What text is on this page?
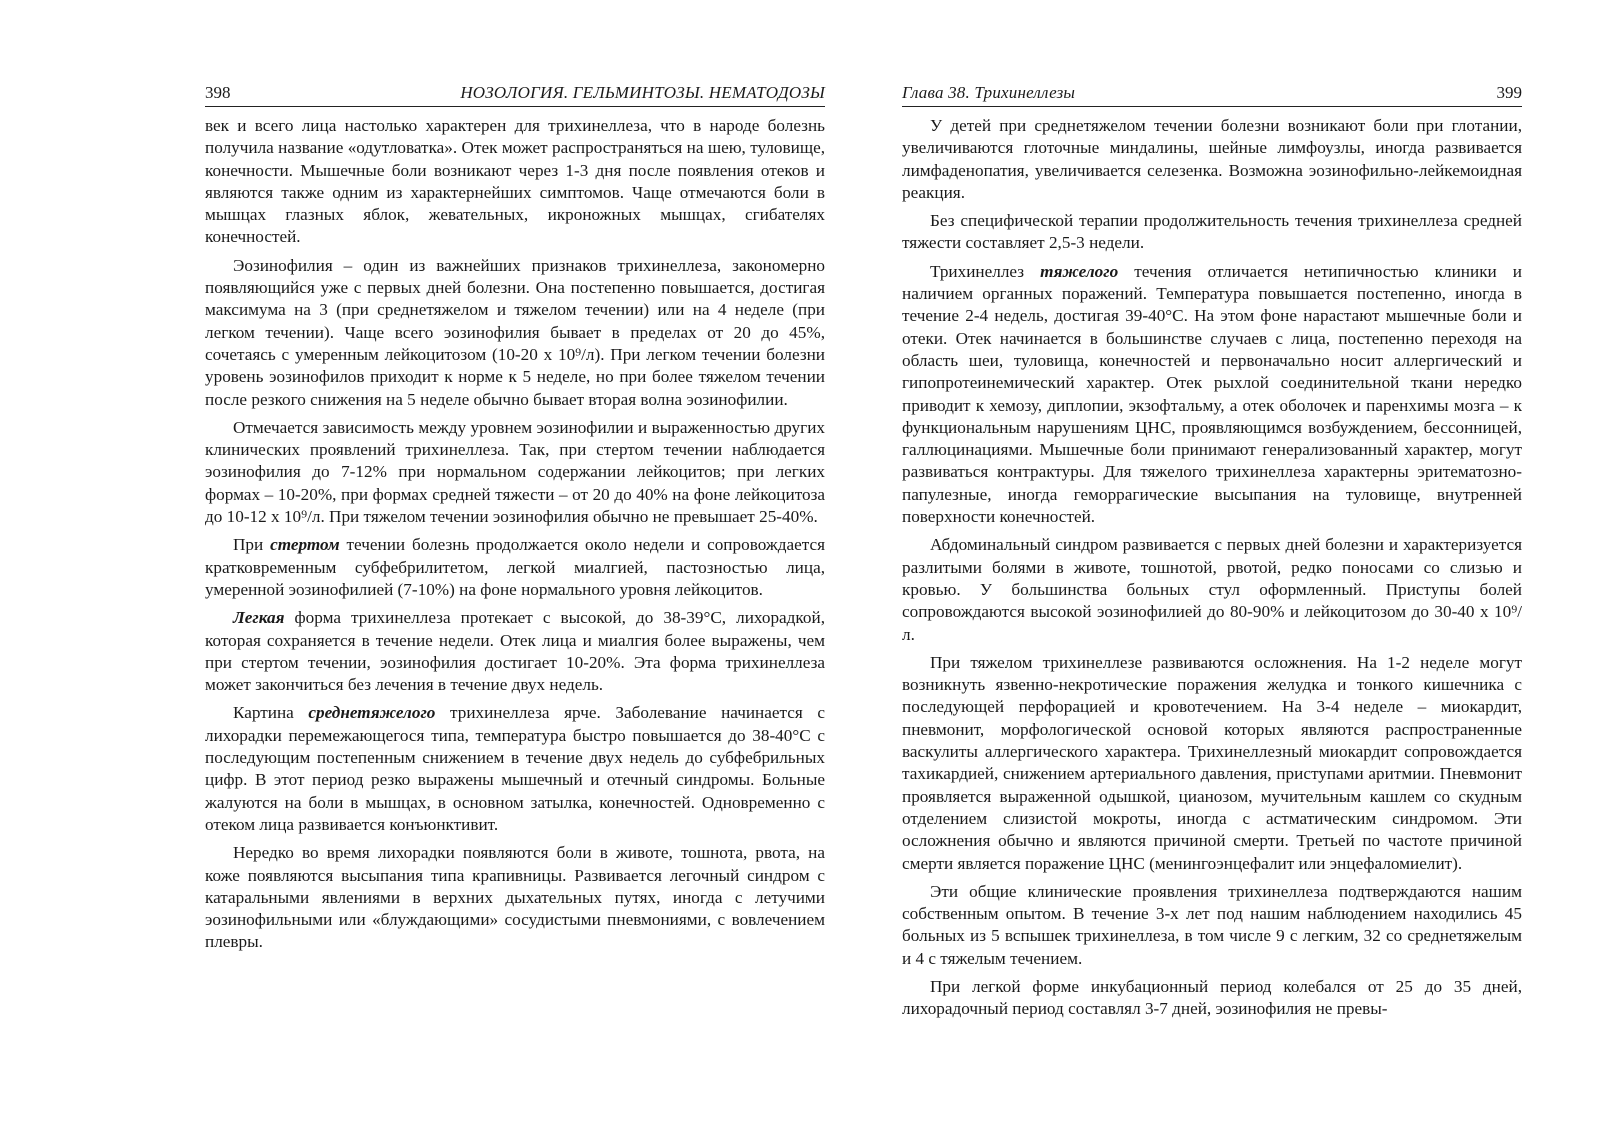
398	НОЗОЛОГИЯ. ГЕЛЬМИНТОЗЫ. НЕМАТОДОЗЫ

век и всего лица настолько характерен для трихинеллеза, что в народе болезнь получила название «одутловатка». Отек может распространяться на шею, туловище, конечности. Мышечные боли возникают через 1-3 дня после появления отеков и являются также одним из характернейших симптомов. Чаще отмечаются боли в мышцах глазных яблок, жевательных, икроножных мышцах, сгибателях конечностей.

Эозинофилия – один из важнейших признаков трихинеллеза, закономерно появляющийся уже с первых дней болезни. Она постепенно повышается, достигая максимума на 3 (при среднетяжелом и тяжелом течении) или на 4 неделе (при легком течении). Чаще всего эозинофилия бывает в пределах от 20 до 45%, сочетаясь с умеренным лейкоцитозом (10-20 х 10⁹/л). При легком течении болезни уровень эозинофилов приходит к норме к 5 неделе, но при более тяжелом течении после резкого снижения на 5 неделе обычно бывает вторая волна эозинофилии.

Отмечается зависимость между уровнем эозинофилии и выраженностью других клинических проявлений трихинеллеза. Так, при стертом течении наблюдается эозинофилия до 7-12% при нормальном содержании лейкоцитов; при легких формах – 10-20%, при формах средней тяжести – от 20 до 40% на фоне лейкоцитоза до 10-12 х 10⁹/л. При тяжелом течении эозинофилия обычно не превышает 25-40%.

При стертом течении болезнь продолжается около недели и сопровождается кратковременным субфебрилитетом, легкой миалгией, пастозностью лица, умеренной эозинофилией (7-10%) на фоне нормального уровня лейкоцитов.

Легкая форма трихинеллеза протекает с высокой, до 38-39°С, лихорадкой, которая сохраняется в течение недели. Отек лица и миалгия более выражены, чем при стертом течении, эозинофилия достигает 10-20%. Эта форма трихинеллеза может закончиться без лечения в течение двух недель.

Картина среднетяжелого трихинеллеза ярче. Заболевание начинается с лихорадки перемежающегося типа, температура быстро повышается до 38-40°С с последующим постепенным снижением в течение двух недель до субфебрильных цифр. В этот период резко выражены мышечный и отечный синдромы. Больные жалуются на боли в мышцах, в основном затылка, конечностей. Одновременно с отеком лица развивается конъюнктивит.

Нередко во время лихорадки появляются боли в животе, тошнота, рвота, на коже появляются высыпания типа крапивницы. Развивается легочный синдром с катаральными явлениями в верхних дыхательных путях, иногда с летучими эозинофильными или «блуждающими» сосудистыми пневмониями, с вовлечением плевры.

Глава 38. Трихинеллезы	399

У детей при среднетяжелом течении болезни возникают боли при глотании, увеличиваются глоточные миндалины, шейные лимфоузлы, иногда развивается лимфаденопатия, увеличивается селезенка. Возможна эозинофильно-лейкемоидная реакция.

Без специфической терапии продолжительность течения трихинеллеза средней тяжести составляет 2,5-3 недели.

Трихинеллез тяжелого течения отличается нетипичностью клиники и наличием органных поражений. Температура повышается постепенно, иногда в течение 2-4 недель, достигая 39-40°С. На этом фоне нарастают мышечные боли и отеки. Отек начинается в большинстве случаев с лица, постепенно переходя на область шеи, туловища, конечностей и первоначально носит аллергический и гипопротеинемический характер. Отек рыхлой соединительной ткани нередко приводит к хемозу, диплопии, экзофтальму, а отек оболочек и паренхимы мозга – к функциональным нарушениям ЦНС, проявляющимся возбуждением, бессонницей, галлюцинациями. Мышечные боли принимают генерализованный характер, могут развиваться контрактуры. Для тяжелого трихинеллеза характерны эритематозно-папулезные, иногда геморрагические высыпания на туловище, внутренней поверхности конечностей.

Абдоминальный синдром развивается с первых дней болезни и характеризуется разлитыми болями в животе, тошнотой, рвотой, редко поносами со слизью и кровью. У большинства больных стул оформленный. Приступы болей сопровождаются высокой эозинофилией до 80-90% и лейкоцитозом до 30-40 х 10⁹/л.

При тяжелом трихинеллезе развиваются осложнения. На 1-2 неделе могут возникнуть язвенно-некротические поражения желудка и тонкого кишечника с последующей перфорацией и кровотечением. На 3-4 неделе – миокардит, пневмонит, морфологической основой которых являются распространенные васкулиты аллергического характера. Трихинеллезный миокардит сопровождается тахикардией, снижением артериального давления, приступами аритмии. Пневмонит проявляется выраженной одышкой, цианозом, мучительным кашлем со скудным отделением слизистой мокроты, иногда с астматическим синдромом. Эти осложнения обычно и являются причиной смерти. Третьей по частоте причиной смерти является поражение ЦНС (менингоэнцефалит или энцефаломиелит).

Эти общие клинические проявления трихинеллеза подтверждаются нашим собственным опытом. В течение 3-х лет под нашим наблюдением находились 45 больных из 5 вспышек трихинеллеза, в том числе 9 с легким, 32 со среднетяжелым и 4 с тяжелым течением.

При легкой форме инкубационный период колебался от 25 до 35 дней, лихорадочный период составлял 3-7 дней, эозинофилия не превы-
